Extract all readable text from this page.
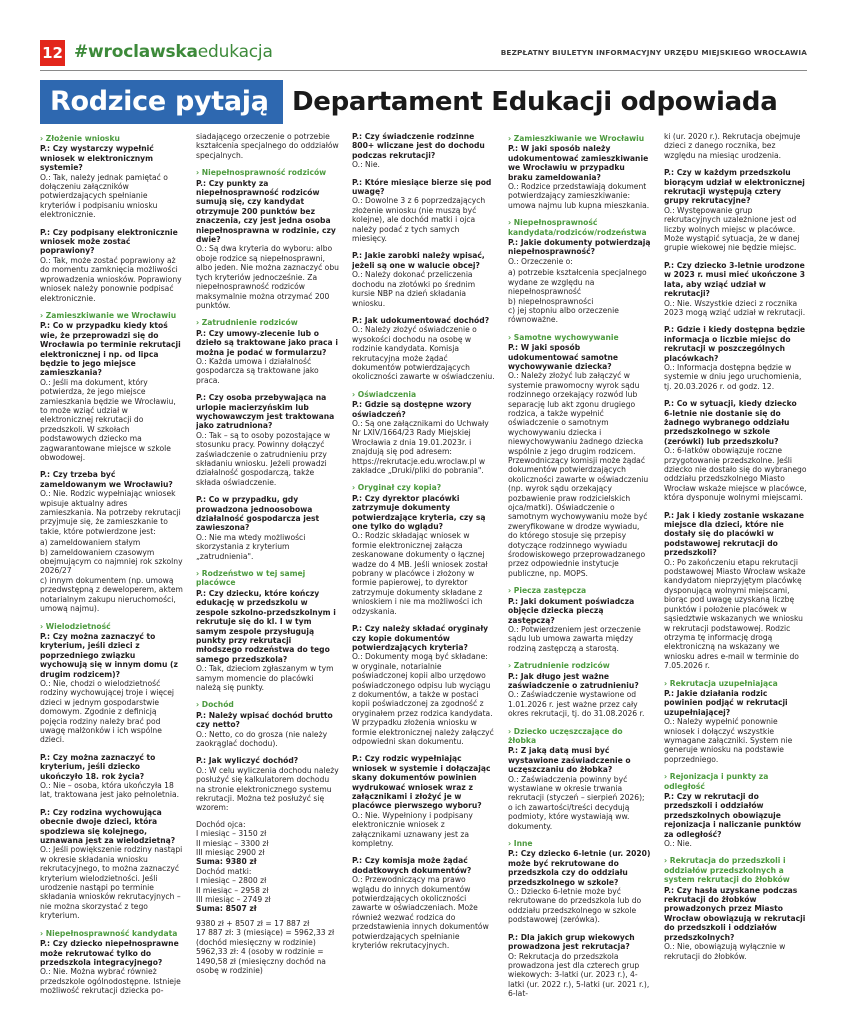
12 #wroclawskaedukacja	BEZPŁATNY BIULETYN INFORMACYJNY URZĘDU MIEJSKIEGO WROCŁAWIA
Rodzice pytają Departament Edukacji odpowiada

› Złożenie wniosku

P.: Czy wystarczy wypełnić wniosek w elektronicznym systemie?

O.: Tak, należy jednak pamiętać o dołączeniu załączników potwierdzających spełnianie kryteriów i podpisaniu wniosku elektronicznie.

P.: Czy podpisany elektronicznie wniosek może zostać poprawiony?

O.: Tak, może zostać poprawiony aż do momentu zamknięcia możliwości wprowadzenia wniosków. Poprawiony wniosek należy ponownie podpisać elektronicznie.

› Zamieszkiwanie we Wrocławiu

P.: Co w przypadku kiedy ktoś wie, że przeprowadzi się do Wrocławia po terminie rekrutacji elektronicznej i np. od lipca będzie to jego miejsce zamieszkania?

O.: Jeśli ma dokument, który potwierdza, że jego miejsce zamieszkania będzie we Wrocławiu, to może wziąć udział w elektronicznej rekrutacji do przedszkoli. W szkołach podstawowych dziecko ma zagwarantowane miejsce w szkole obwodowej.

P.: Czy trzeba być zameldowanym we Wrocławiu?

O.: Nie. Rodzic wypełniając wniosek wpisuje aktualny adres zamieszkania. Na potrzeby rekrutacji przyjmuje się, że zamieszkanie to takie, które potwierdzone jest:

a) zameldowaniem stałym

b) zameldowaniem czasowym obejmującym co najmniej rok szkolny 2026/27

c) innym dokumentem (np. umową przedwstępną z deweloperem, aktem notarialnym zakupu nieruchomości, umową najmu).

› Wielodzietność

P.: Czy można zaznaczyć to kryterium, jeśli dzieci z poprzedniego związku wychowują się w innym domu (z drugim rodzicem)?

O.: Nie, chodzi o wielodzietność rodziny wychowującej troje i więcej dzieci w jednym gospodarstwie domowym. Zgodnie z definicją pojęcia rodziny należy brać pod uwagę małżonków i ich wspólne dzieci.

P.: Czy można zaznaczyć to kryterium, jeśli dziecko ukończyło 18. rok życia?

O.: Nie – osoba, która ukończyła 18 lat, traktowana jest jako pełnoletnia.

P.: Czy rodzina wychowująca obecnie dwoje dzieci, która spodziewa się kolejnego, uznawana jest za wielodzietną?

O.: Jeśli powiększenie rodziny nastąpi w okresie składania wniosku rekrutacyjnego, to można zaznaczyć kryterium wielodzietności. Jeśli urodzenie nastąpi po terminie składania wniosków rekrutacyjnych – nie można skorzystać z tego kryterium.

› Niepełnosprawność kandydata

P.: Czy dziecko niepełnosprawne może rekrutować tylko do przedszkola integracyjnego?

O.: Nie. Można wybrać również przedszkole ogólnodostępne. Istnieje możliwość rekrutacji dziecka po-

siadającego orzeczenie o potrzebie kształcenia specjalnego do oddziałów specjalnych.

› Niepełnosprawność rodziców

P.: Czy punkty za niepełnosprawność rodziców sumują się, czy kandydat otrzymuje 200 punktów bez znaczenia, czy jest jedna osoba niepełnosprawna w rodzinie, czy dwie?

O.: Są dwa kryteria do wyboru: albo oboje rodzice są niepełnosprawni, albo jeden. Nie można zaznaczyć obu tych kryteriów jednocześnie. Za niepełnosprawność rodziców maksymalnie można otrzymać 200 punktów.

› Zatrudnienie rodziców

P.: Czy umowy-zlecenie lub o dzieło są traktowane jako praca i można je podać w formularzu?

O.: Każda umowa i działalność gospodarcza są traktowane jako praca.

P.: Czy osoba przebywająca na urlopie macierzyńskim lub wychowawczym jest traktowana jako zatrudniona?

O.: Tak – są to osoby pozostające w stosunku pracy. Powinny dołączyć zaświadczenie o zatrudnieniu przy składaniu wniosku. Jeżeli prowadzi działalność gospodarczą, także składa oświadczenie.

P.: Co w przypadku, gdy prowadzona jednoosobowa działalność gospodarcza jest zawieszona?

O.: Nie ma wtedy możliwości skorzystania z kryterium „zatrudnienia".

› Rodzeństwo w tej samej placówce

P.: Czy dziecku, które kończy edukację w przedszkolu w zespole szkolno-przedszkolnym i rekrutuje się do kl. I w tym samym zespole przysługują punkty przy rekrutacji młodszego rodzeństwa do tego samego przedszkola?

O.: Tak, dzieciom zgłaszanym w tym samym momencie do placówki należą się punkty.

› Dochód

P.: Należy wpisać dochód brutto czy netto?

O.: Netto, co do grosza (nie należy zaokrąglać dochodu).

P.: Jak wyliczyć dochód?

O.: W celu wyliczenia dochodu należy posłużyć się kalkulatorem dochodu na stronie elektronicznego systemu rekrutacji. Można też posłużyć się wzorem:

Dochód ojca:

I miesiąc – 3150 zł

II miesiąc – 3300 zł

III miesiąc 2900 zł

Suma: 9380 zł

Dochód matki:

I miesiąc – 2800 zł

II miesiąc – 2958 zł

III miesiąc – 2749 zł

Suma: 8507 zł

9380 zł + 8507 zł = 17 887 zł

17 887 zł: 3 (miesiące) = 5962,33 zł (dochód miesięczny w rodzinie)

5962,33 zł: 4 (osoby w rodzinie = 1490,58 zł (miesięczny dochód na osobę w rodzinie)

P.: Czy świadczenie rodzinne 800+ wliczane jest do dochodu podczas rekrutacji?

O.: Nie.

P.: Które miesiące bierze się pod uwagę?

O.: Dowolne 3 z 6 poprzedzających złożenie wniosku (nie muszą być kolejne), ale dochód matki i ojca należy podać z tych samych miesięcy.

P.: Jakie zarobki należy wpisać, jeżeli są one w walucie obcej?

O.: Należy dokonać przeliczenia dochodu na złotówki po średnim kursie NBP na dzień składania wniosku.

P.: Jak udokumentować dochód?

O.: Należy złożyć oświadczenie o wysokości dochodu na osobę w rodzinie kandydata. Komisja rekrutacyjna może żądać dokumentów potwierdzających okoliczności zawarte w oświadczeniu.

› Oświadczenia

P.: Gdzie są dostępne wzory oświadczeń?

O.: Są one załącznikami do Uchwały Nr LXIV/1664/23 Rady Miejskiej Wrocławia z dnia 19.01.2023r. i znajdują się pod adresem: https://rekrutacje.edu.wroclaw.pl w zakładce „Druki/pliki do pobrania".

› Oryginał czy kopia?

P.: Czy dyrektor placówki zatrzymuje dokumenty potwierdzające kryteria, czy są one tylko do wglądu?

O.: Rodzic składając wniosek w formie elektronicznej załącza zeskanowane dokumenty o łącznej wadze do 4 MB. Jeśli wniosek został pobrany w placówce i złożony w formie papierowej, to dyrektor zatrzymuje dokumenty składane z wnioskiem i nie ma możliwości ich odzyskania.

P.: Czy należy składać oryginały czy kopie dokumentów potwierdzających kryteria?

O.: Dokumenty mogą być składane: w oryginale, notarialnie poświadczonej kopii albo urzędowo poświadczonego odpisu lub wyciągu z dokumentów, a także w postaci kopii poświadczonej za zgodność z oryginałem przez rodzica kandydata. W przypadku złożenia wniosku w formie elektronicznej należy załączyć odpowiedni skan dokumentu.

P.: Czy rodzic wypełniając wniosek w systemie i dołączając skany dokumentów powinien wydrukować wniosek wraz z załącznikami i złożyć je w placówce pierwszego wyboru?

O.: Nie. Wypełniony i podpisany elektronicznie wniosek z załącznikami uznawany jest za kompletny.

P.: Czy komisja może żądać dodatkowych dokumentów?

O.: Przewodniczący ma prawo wglądu do innych dokumentów potwierdzających okoliczności zawarte w oświadczeniach. Może również wezwać rodzica do przedstawienia innych dokumentów potwierdzających spełnianie kryteriów rekrutacyjnych.

› Zamieszkiwanie we Wrocławiu

P.: W jaki sposób należy udokumentować zamieszkiwanie we Wrocławiu w przypadku braku zameldowania?

O.: Rodzice przedstawiają dokument potwierdzający zamieszkiwanie: umowa najmu lub kupna mieszkania.

› Niepełnosprawność kandydata/rodziców/rodzeństwa

P.: Jakie dokumenty potwierdzają niepełnosprawność?

O.: Orzeczenie o:

a) potrzebie kształcenia specjalnego wydane ze względu na niepełnosprawność

b) niepełnosprawności

c) jej stopniu albo orzeczenie równoważne.

› Samotne wychowywanie

P.: W jaki sposób udokumentować samotne wychowywanie dziecka?

O.: Należy złożyć lub załączyć w systemie prawomocny wyrok sądu rodzinnego orzekający rozwód lub separację lub akt zgonu drugiego rodzica, a także wypełnić oświadczenie o samotnym wychowywaniu dziecka i niewychowywaniu żadnego dziecka wspólnie z jego drugim rodzicem. Przewodniczący komisji może żądać dokumentów potwierdzających okoliczności zawarte w oświadczeniu (np. wyrok sądu orzekający pozbawienie praw rodzicielskich ojca/matki). Oświadczenie o samotnym wychowywaniu może być zweryfikowane w drodze wywiadu, do którego stosuje się przepisy dotyczące rodzinnego wywiadu środowiskowego przeprowadzanego przez odpowiednie instytucje publiczne, np. MOPS.

› Piecza zastępcza

P.: Jaki dokument poświadcza objęcie dziecka pieczą zastępczą?

O.: Potwierdzeniem jest orzeczenie sądu lub umowa zawarta między rodziną zastępczą a starostą.

› Zatrudnienie rodziców

P.: Jak długo jest ważne zaświadczenie o zatrudnieniu?

O.: Zaświadczenie wystawione od 1.01.2026 r. jest ważne przez cały okres rekrutacji, tj. do 31.08.2026 r.

› Dziecko uczęszczające do żłobka

P.: Z jaką datą musi być wystawione zaświadczenie o uczęszczaniu do żłobka?

O.: Zaświadczenia powinny być wystawiane w okresie trwania rekrutacji (styczeń – sierpień 2026); o ich zawartości/treści decydują podmioty, które wystawiają ww. dokumenty.

› Inne

P.: Czy dziecko 6-letnie (ur. 2020) może być rekrutowane do przedszkola czy do oddziału przedszkolnego w szkole?

O.: Dziecko 6-letnie może być rekrutowane do przedszkola lub do oddziału przedszkolnego w szkole podstawowej (zerówka).

P.: Dla jakich grup wiekowych prowadzona jest rekrutacja?

O: Rekrutacja do przedszkola prowadzona jest dla czterech grup wiekowych: 3-latki (ur. 2023 r.), 4-latki (ur. 2022 r.), 5-latki (ur. 2021 r.), 6-lat-

ki (ur. 2020 r.). Rekrutacja obejmuje dzieci z danego rocznika, bez względu na miesiąc urodzenia.

P.: Czy w każdym przedszkolu biorącym udział w elektronicznej rekrutacji występują cztery grupy rekrutacyjne?

O.: Występowanie grup rekrutacyjnych uzależnione jest od liczby wolnych miejsc w placówce. Może wystąpić sytuacja, że w danej grupie wiekowej nie będzie miejsc.

P.: Czy dziecko 3-letnie urodzone w 2023 r. musi mieć ukończone 3 lata, aby wziąć udział w rekrutacji?

O.: Nie. Wszystkie dzieci z rocznika 2023 mogą wziąć udział w rekrutacji.

P.: Gdzie i kiedy dostępna będzie informacja o liczbie miejsc do rekrutacji w poszczególnych placówkach?

O.: Informacja dostępna będzie w systemie w dniu jego uruchomienia, tj. 20.03.2026 r. od godz. 12.

P.: Co w sytuacji, kiedy dziecko 6-letnie nie dostanie się do żadnego wybranego oddziału przedszkolnego w szkole (zerówki) lub przedszkolu?

O.: 6-latków obowiązuje roczne przygotowanie przedszkolne. Jeśli dziecko nie dostało się do wybranego oddziału przedszkolnego Miasto Wrocław wskaże miejsce w placówce, która dysponuje wolnymi miejscami.

P.: Jak i kiedy zostanie wskazane miejsce dla dzieci, które nie dostały się do placówki w podstawowej rekrutacji do przedszkoli?

O.: Po zakończeniu etapu rekrutacji podstawowej Miasto Wrocław wskaże kandydatom nieprzyjętym placówkę dysponującą wolnymi miejscami, biorąc pod uwagę uzyskaną liczbę punktów i położenie placówek w sąsiedztwie wskazanych we wniosku w rekrutacji podstawowej. Rodzic otrzyma tę informację drogą elektroniczną na wskazany we wniosku adres e-mail w terminie do 7.05.2026 r.

› Rekrutacja uzupełniająca

P.: Jakie działania rodzic powinien podjąć w rekrutacji uzupełniającej?

O.: Należy wypełnić ponownie wniosek i dołączyć wszystkie wymagane załączniki. System nie generuje wniosku na podstawie poprzedniego.

› Rejonizacja i punkty za odległość

P.: Czy w rekrutacji do przedszkoli i oddziałów przedszkolnych obowiązuje rejonizacja i naliczanie punktów za odległość?

O.: Nie.

› Rekrutacja do przedszkoli i oddziałów przedszkolnych a system rekrutacji do żłobków

P.: Czy hasła uzyskane podczas rekrutacji do żłobków prowadzonych przez Miasto Wrocław obowiązują w rekrutacji do przedszkoli i oddziałów przedszkolnych?

O.: Nie, obowiązują wyłącznie w rekrutacji do żłobków.
